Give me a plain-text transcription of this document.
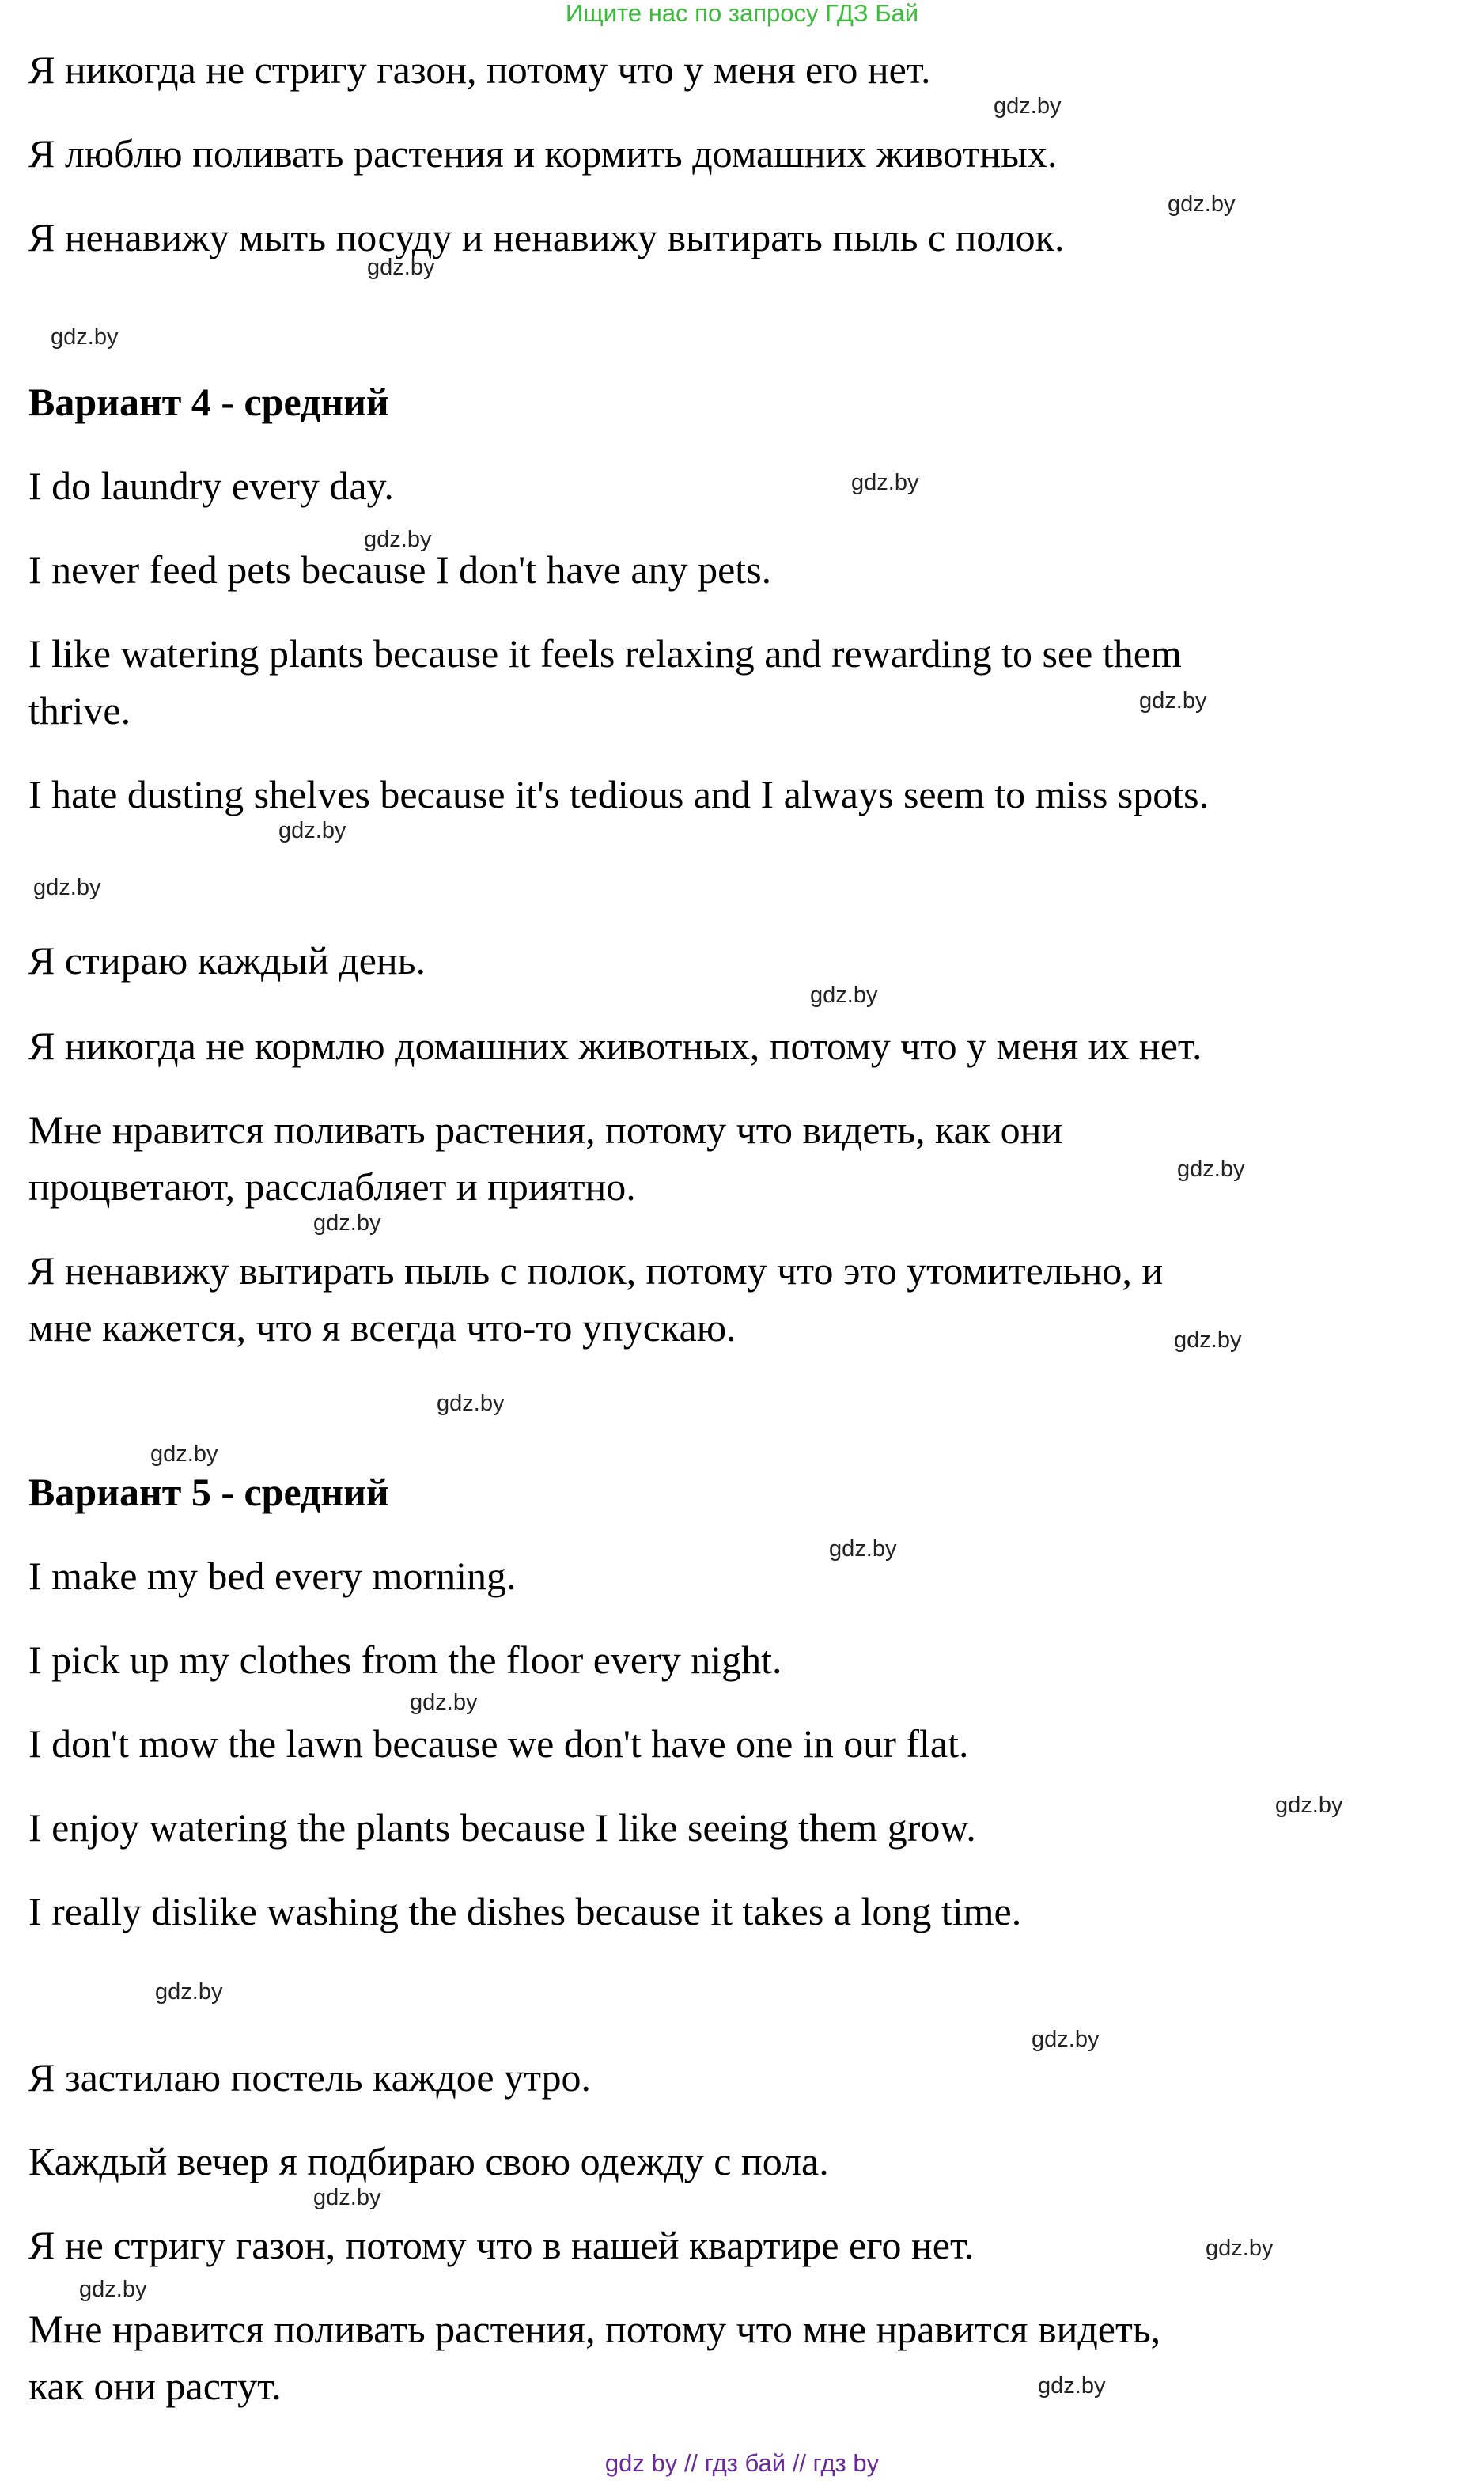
Ищите нас по запросу ГДЗ Бай
Я никогда не стригу газон, потому что у меня его нет.
Я люблю поливать растения и кормить домашних животных.
Я ненавижу мыть посуду и ненавижу вытирать пыль с полок.
Вариант 4 - средний
I do laundry every day.
I never feed pets because I don't have any pets.
I like watering plants because it feels relaxing and rewarding to see them
thrive.
I hate dusting shelves because it's tedious and I always seem to miss spots.
Я стираю каждый день.
Я никогда не кормлю домашних животных, потому что у меня их нет.
Мне нравится поливать растения, потому что видеть, как они
процветают, расслабляет и приятно.
Я ненавижу вытирать пыль с полок, потому что это утомительно, и
мне кажется, что я всегда что-то упускаю.
Вариант 5 - средний
I make my bed every morning.
I pick up my clothes from the floor every night.
I don't mow the lawn because we don't have one in our flat.
I enjoy watering the plants because I like seeing them grow.
I really dislike washing the dishes because it takes a long time.
Я застилаю постель каждое утро.
Каждый вечер я подбираю свою одежду с пола.
Я не стригу газон, потому что в нашей квартире его нет.
Мне нравится поливать растения, потому что мне нравится видеть,
как они растут.
gdz.by
gdz.by
gdz.by
gdz.by
gdz.by
gdz.by
gdz.by
gdz.by
gdz.by
gdz.by
gdz.by
gdz.by
gdz.by
gdz.by
gdz.by
gdz.by
gdz.by
gdz.by
gdz.by
gdz.by
gdz.by
gdz.by
gdz.by
gdz.by
gdz by // гдз бай // гдз by
